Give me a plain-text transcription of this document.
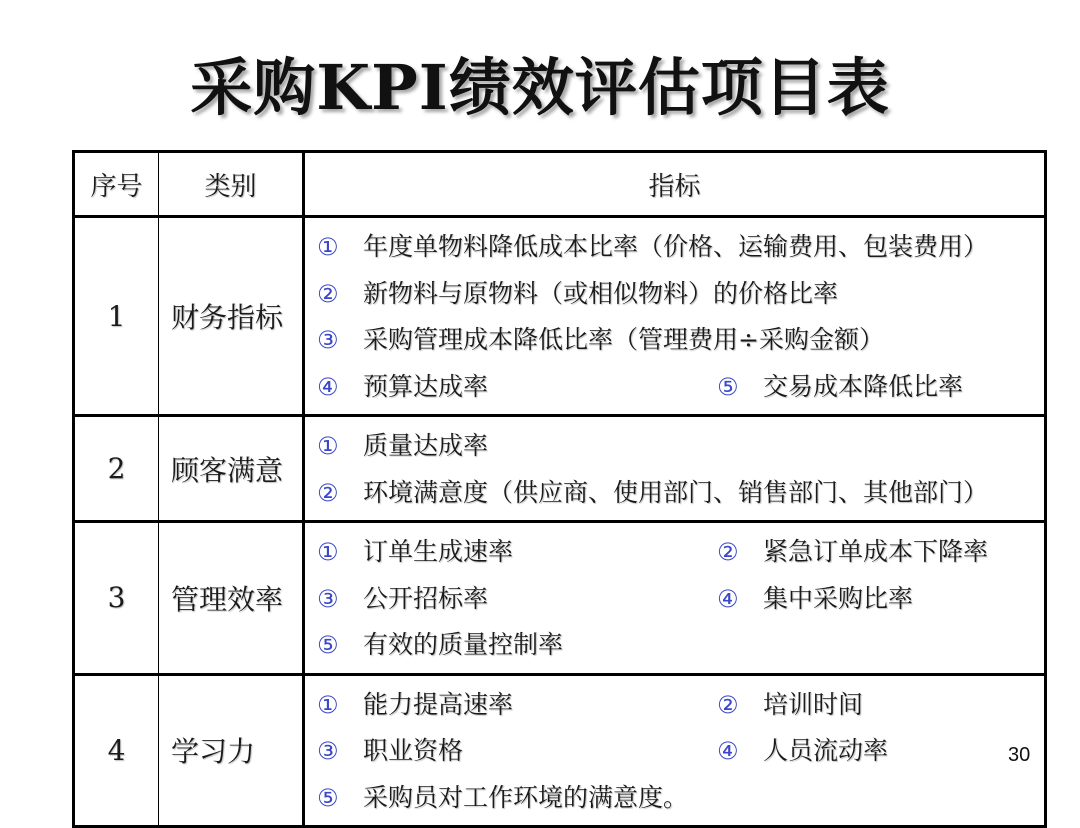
采购KPI绩效评估项目表
序号	类别	指标
1	财务指标	① 年度单物料降低成本比率（价格、运输费用、包装费用）
② 新物料与原物料（或相似物料）的价格比率
③ 采购管理成本降低比率（管理费用÷采购金额）
④ 预算达成率 ⑤ 交易成本降低比率

2	顾客满意	① 质量达成率
② 环境满意度（供应商、使用部门、销售部门、其他部门）

3	管理效率	① 订单生成速率 ② 紧急订单成本下降率
③ 公开招标率 ④ 集中采购比率
⑤ 有效的质量控制率

4	学习力	① 能力提高速率 ② 培训时间
③ 职业资格 ④ 人员流动率
⑤ 采购员对工作环境的满意度。
30
